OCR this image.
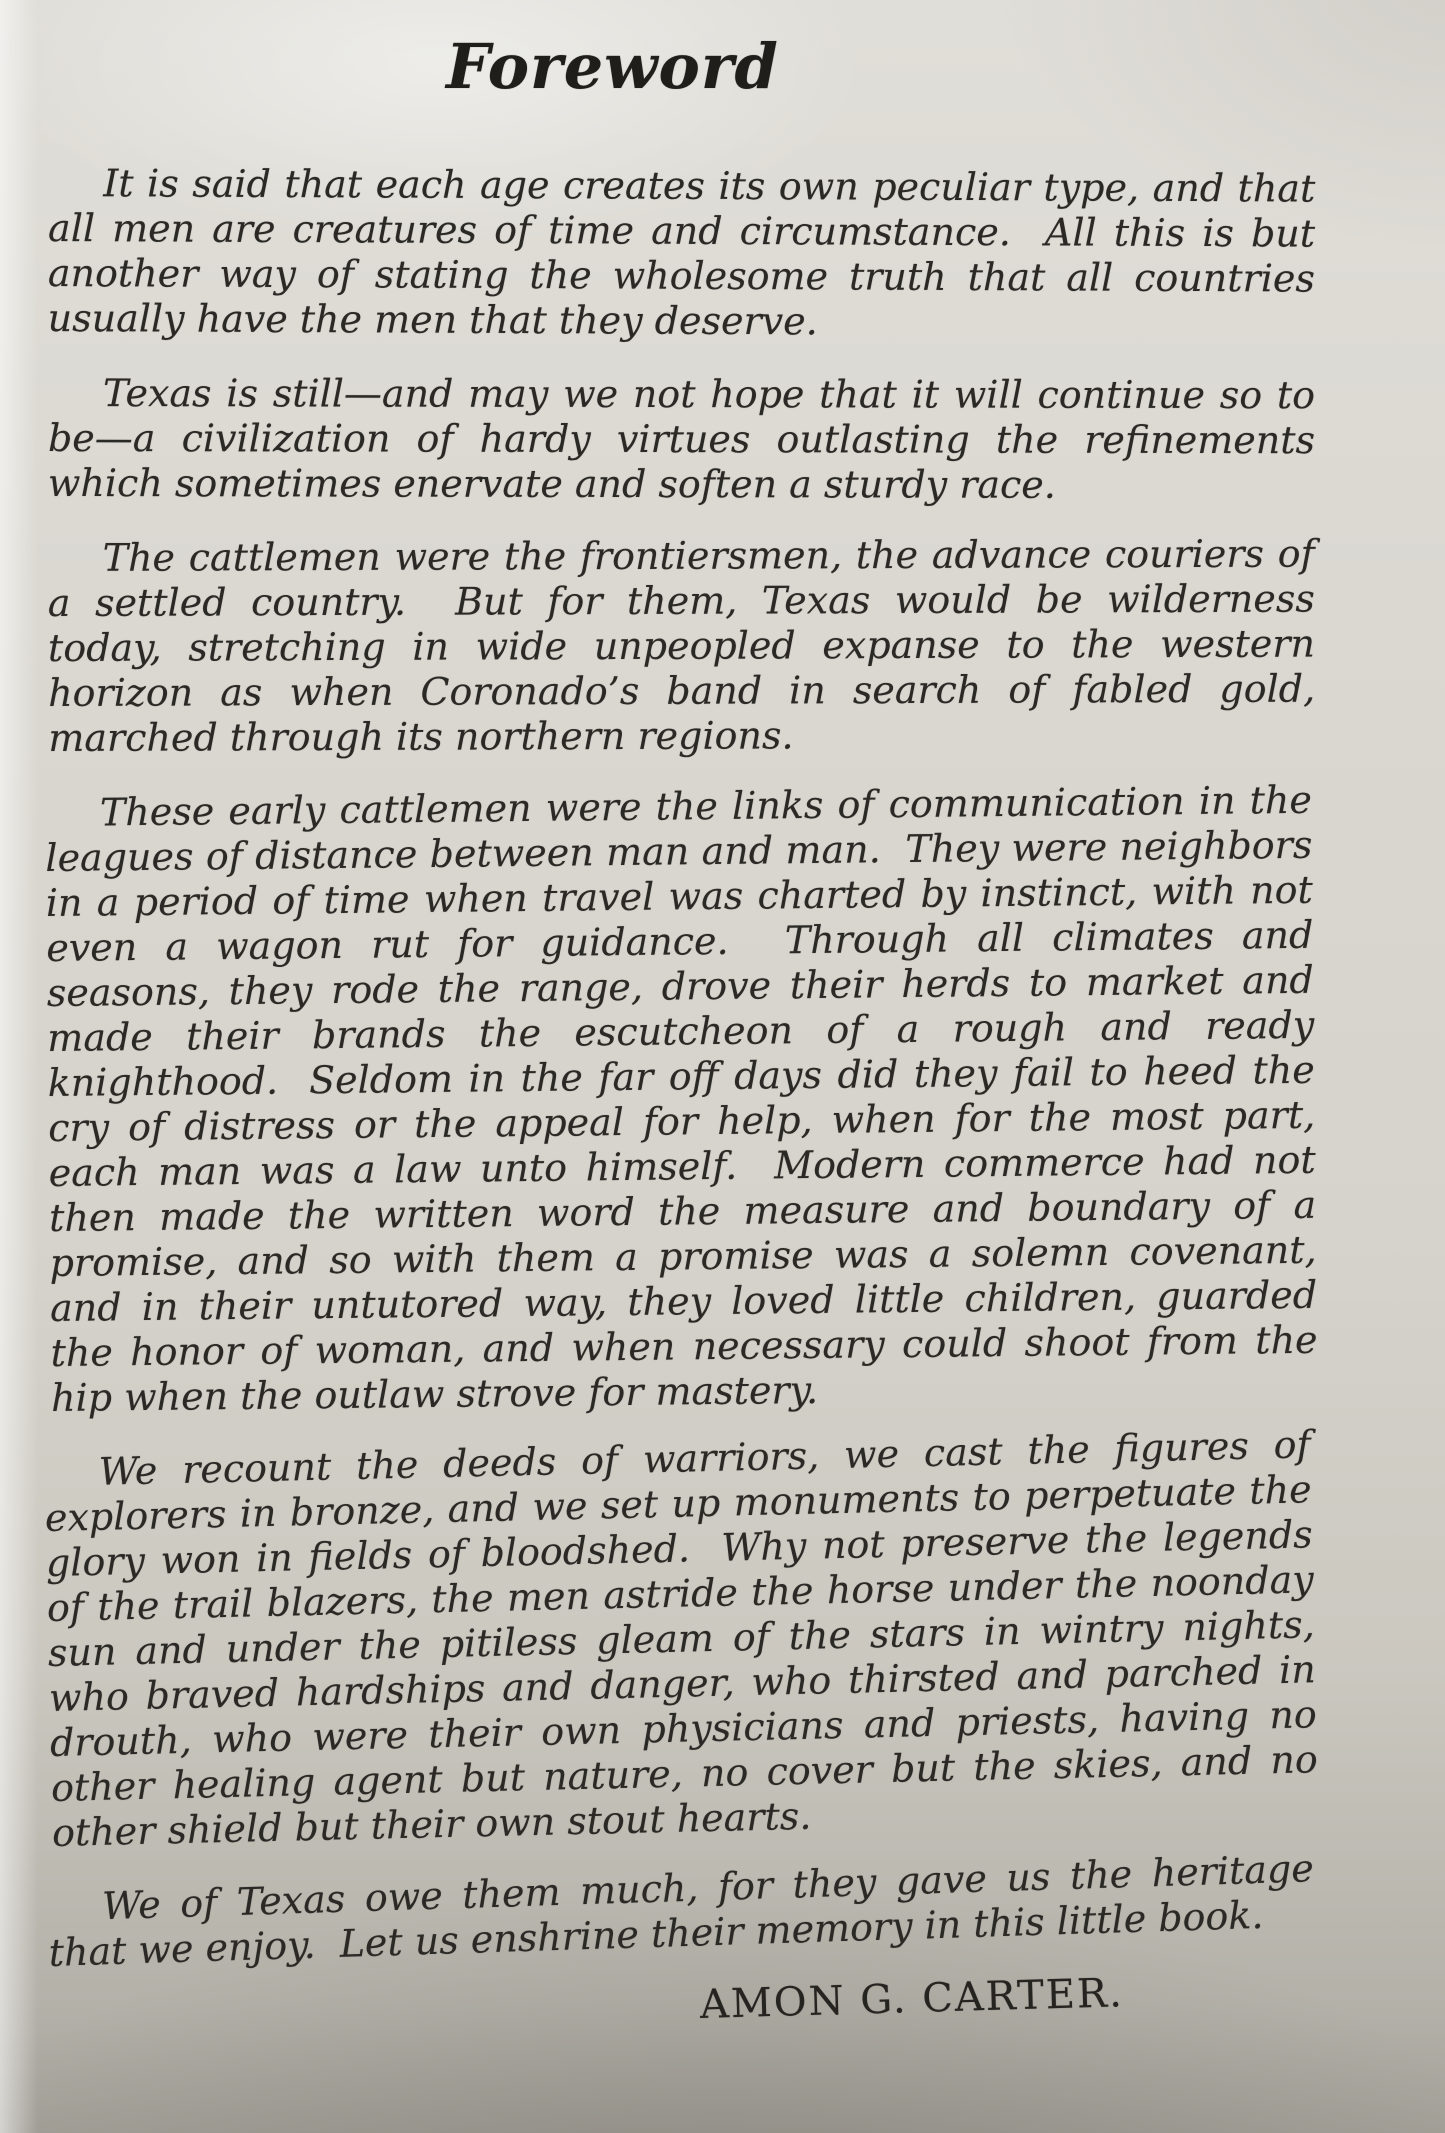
Foreword

It is said that each age creates its own peculiar type, and that all men are creatures of time and circumstance.  All this is but another way of stating the wholesome truth that all countries usually have the men that they deserve.

Texas is still—and may we not hope that it will continue so to be—a civilization of hardy virtues outlasting the refinements which sometimes enervate and soften a sturdy race.

The cattlemen were the frontiersmen, the advance couriers of a settled country.  But for them, Texas would be wilderness today, stretching in wide unpeopled expanse to the western horizon as when Coronado’s band in search of fabled gold, marched through its northern regions.

These early cattlemen were the links of communication in the leagues of distance between man and man.  They were neighbors in a period of time when travel was charted by instinct, with not even a wagon rut for guidance.  Through all climates and seasons, they rode the range, drove their herds to market and made their brands the escutcheon of a rough and ready knighthood.  Seldom in the far off days did they fail to heed the cry of distress or the appeal for help, when for the most part, each man was a law unto himself.  Modern commerce had not then made the written word the measure and boundary of a promise, and so with them a promise was a solemn covenant, and in their untutored way, they loved little children, guarded the honor of woman, and when necessary could shoot from the hip when the outlaw strove for mastery.

We recount the deeds of warriors, we cast the figures of explorers in bronze, and we set up monuments to perpetuate the glory won in fields of bloodshed.  Why not preserve the legends of the trail blazers, the men astride the horse under the noonday sun and under the pitiless gleam of the stars in wintry nights, who braved hardships and danger, who thirsted and parched in drouth, who were their own physicians and priests, having no other healing agent but nature, no cover but the skies, and no other shield but their own stout hearts.

We of Texas owe them much, for they gave us the heritage that we enjoy.  Let us enshrine their memory in this little book.

AMON G. CARTER.
